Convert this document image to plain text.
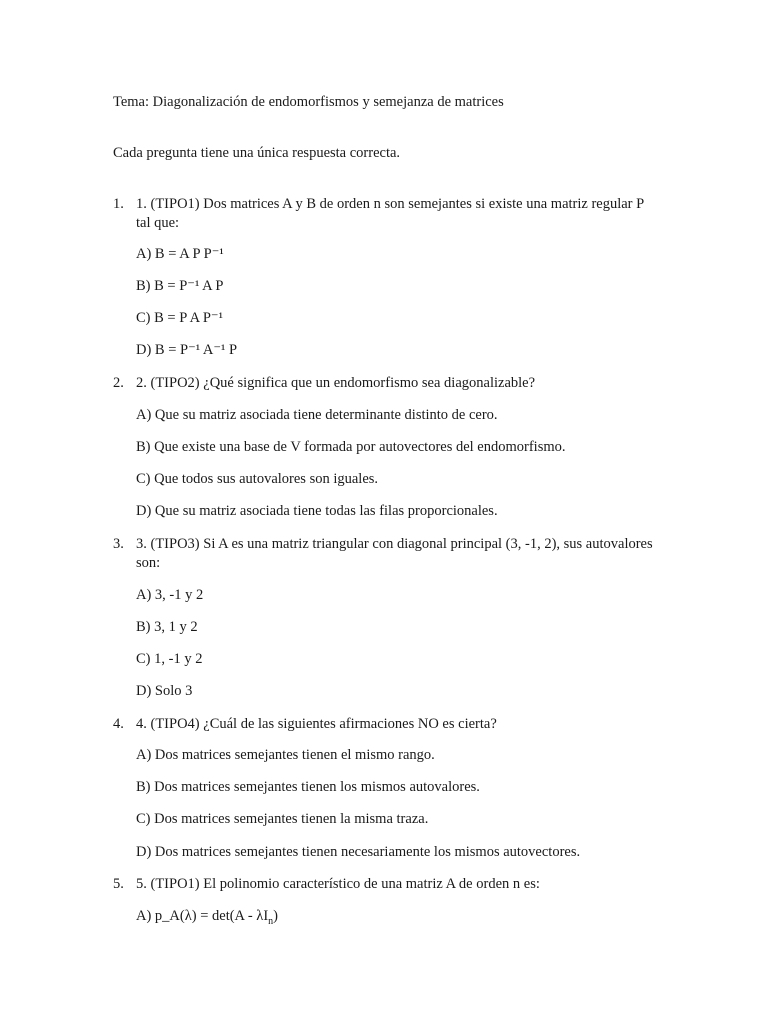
Tema: Diagonalización de endomorfismos y semejanza de matrices
Cada pregunta tiene una única respuesta correcta.
1. 1. (TIPO1) Dos matrices A y B de orden n son semejantes si existe una matriz regular P
tal que:
A) B = A P P⁻¹
B) B = P⁻¹ A P
C) B = P A P⁻¹
D) B = P⁻¹ A⁻¹ P
2. 2. (TIPO2) ¿Qué significa que un endomorfismo sea diagonalizable?
A) Que su matriz asociada tiene determinante distinto de cero.
B) Que existe una base de V formada por autovectores del endomorfismo.
C) Que todos sus autovalores son iguales.
D) Que su matriz asociada tiene todas las filas proporcionales.
3. 3. (TIPO3) Si A es una matriz triangular con diagonal principal (3, -1, 2), sus autovalores
son:
A) 3, -1 y 2
B) 3, 1 y 2
C) 1, -1 y 2
D) Solo 3
4. 4. (TIPO4) ¿Cuál de las siguientes afirmaciones NO es cierta?
A) Dos matrices semejantes tienen el mismo rango.
B) Dos matrices semejantes tienen los mismos autovalores.
C) Dos matrices semejantes tienen la misma traza.
D) Dos matrices semejantes tienen necesariamente los mismos autovectores.
5. 5. (TIPO1) El polinomio característico de una matriz A de orden n es:
A) p_A(λ) = $\det(A - \lambda I_n)$
